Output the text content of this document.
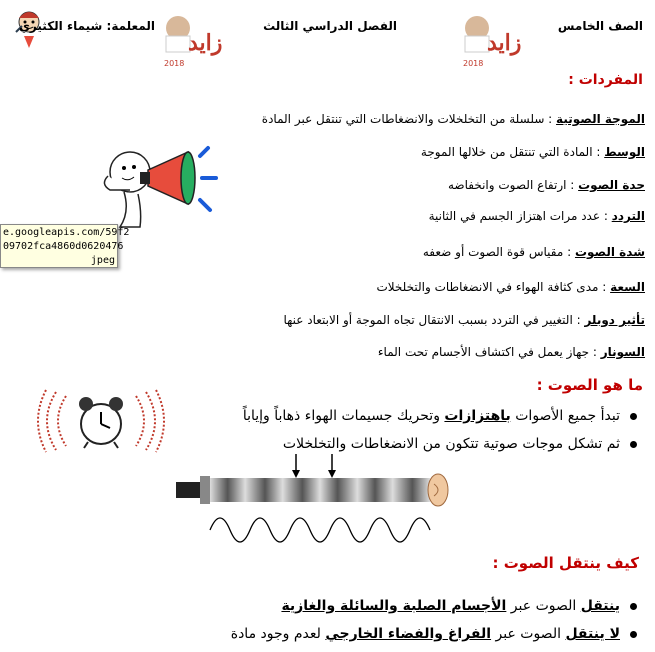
المعلمة: شيماء الكثيري
زايد
2018
الفصل الدراسي الثالث
زايد
2018
الصف الخامس
المفردات :
الموجة الصوتية : سلسلة من التخلخلات والانضغاطات التي تنتقل عبر المادة
الوسط : المادة التي تنتقل من خلالها الموجة
حدة الصوت : ارتفاع الصوت وانخفاضه
التردد : عدد مرات اهتزاز الجسم في الثانية
شدة الصوت : مقياس قوة الصوت أو ضعفه
السعة : مدى كثافة الهواء في الانضغاطات والتخلخلات
تأثير دوبلر : التغيير في التردد بسبب الانتقال تجاه الموجة أو الابتعاد عنها
السونار : جهاز يعمل في اكتشاف الأجسام تحت الماء
e.googleapis.com/59f2
09702fca4860d0620476
jpeg
ما هو الصوت :
تبدأ جميع الأصوات باهتزازات وتحريك جسيمات الهواء ذهاباً وإياباً
ثم تشكل موجات صوتية تتكون من الانضغاطات والتخلخلات
كيف ينتقل الصوت :
ينتقل الصوت عبر الأجسام الصلبة والسائلة والغازية
لا ينتقل الصوت عبر الفراغ والفضاء الخارجي لعدم وجود مادة
